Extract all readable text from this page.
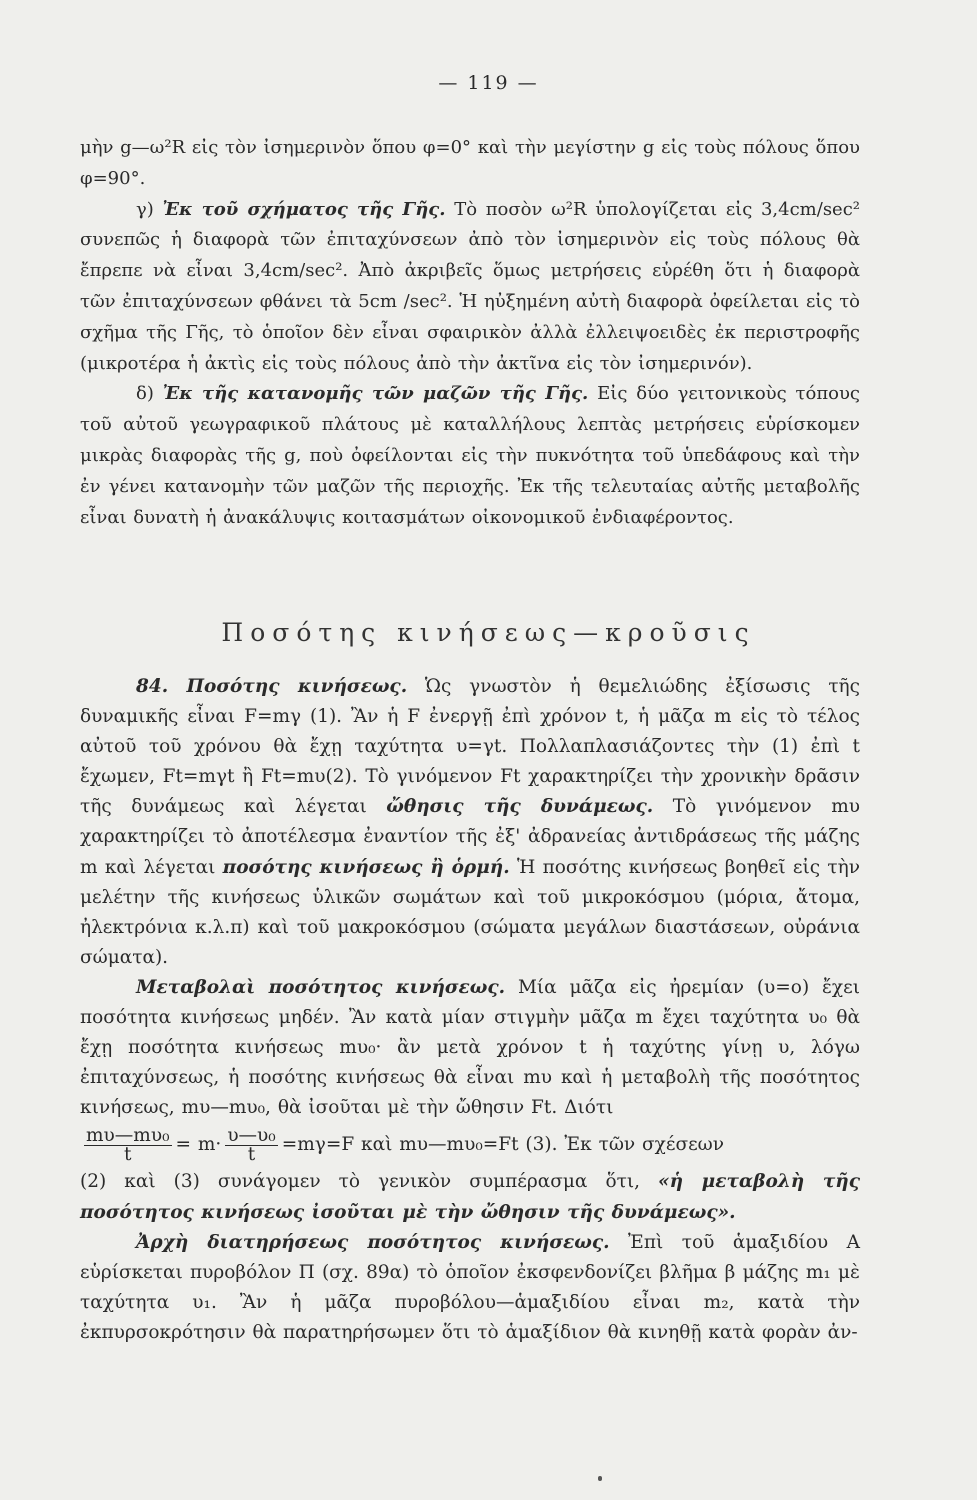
— 119 —

μὴν g—ω²R εἰς τὸν ἰσημερινὸν ὅπου φ=0° καὶ τὴν μεγίστην g εἰς τοὺς πόλους ὅπου φ=90°.

γ) Ἐκ τοῦ σχήματος τῆς Γῆς. Τὸ ποσὸν ω²R ὑπολογίζεται εἰς 3,4cm/sec² συνεπῶς ἡ διαφορὰ τῶν ἐπιταχύνσεων ἀπὸ τὸν ἰσημερινὸν εἰς τοὺς πόλους θὰ ἔπρεπε νὰ εἶναι 3,4cm/sec². Ἀπὸ ἀκριβεῖς ὅμως μετρήσεις εὑρέθη ὅτι ἡ διαφορὰ τῶν ἐπιταχύνσεων φθάνει τὰ 5cm /sec². Ἡ ηὐξημένη αὐτὴ διαφορὰ ὀφείλεται εἰς τὸ σχῆμα τῆς Γῆς, τὸ ὁποῖον δὲν εἶναι σφαιρικὸν ἀλλὰ ἐλλειψοειδὲς ἐκ περιστροφῆς (μικροτέρα ἡ ἀκτὶς εἰς τοὺς πόλους ἀπὸ τὴν ἀκτῖνα εἰς τὸν ἰσημερινόν).

δ) Ἐκ τῆς κατανομῆς τῶν μαζῶν τῆς Γῆς. Εἰς δύο γειτονικοὺς τόπους τοῦ αὐτοῦ γεωγραφικοῦ πλάτους μὲ καταλλήλους λεπτὰς μετρήσεις εὑρίσκομεν μικρὰς διαφορὰς τῆς g, ποὺ ὀφείλονται εἰς τὴν πυκνότητα τοῦ ὑπεδάφους καὶ τὴν ἐν γένει κατανομὴν τῶν μαζῶν τῆς περιοχῆς. Ἐκ τῆς τελευταίας αὐτῆς μεταβολῆς εἶναι δυνατὴ ἡ ἀνακάλυψις κοιτασμάτων οἰκονομικοῦ ἐνδιαφέροντος.

Ποσότης κινήσεως—κροῦσις

84. Ποσότης κινήσεως. Ὡς γνωστὸν ἡ θεμελιώδης ἐξίσωσις τῆς δυναμικῆς εἶναι F=mγ (1). Ἂν ἡ F ἐνεργῇ ἐπὶ χρόνον t, ἡ μᾶζα m εἰς τὸ τέλος αὐτοῦ τοῦ χρόνου θὰ ἔχῃ ταχύτητα υ=γt. Πολλαπλασιάζοντες τὴν (1) ἐπὶ t ἔχωμεν, Ft=mγt ἢ Ft=mυ(2). Τὸ γινόμενον Ft χαρακτηρίζει τὴν χρονικὴν δρᾶσιν τῆς δυνάμεως καὶ λέγεται ὤθησις τῆς δυνάμεως. Τὸ γινόμενον mυ χαρακτηρίζει τὸ ἀποτέλεσμα ἐναντίον τῆς ἐξ' ἀδρανείας ἀντιδράσεως τῆς μάζης m καὶ λέγεται ποσότης κινήσεως ἢ ὁρμή. Ἡ ποσότης κινήσεως βοηθεῖ εἰς τὴν μελέτην τῆς κινήσεως ὑλικῶν σωμάτων καὶ τοῦ μικροκόσμου (μόρια, ἄτομα, ἠλεκτρόνια κ.λ.π) καὶ τοῦ μακροκόσμου (σώματα μεγάλων διαστάσεων, οὐράνια σώματα).

Μεταβολαὶ ποσότητος κινήσεως. Μία μᾶζα εἰς ἠρεμίαν (υ=ο) ἔχει ποσότητα κινήσεως μηδέν. Ἂν κατὰ μίαν στιγμὴν μᾶζα m ἔχει ταχύτητα υ₀ θὰ ἔχῃ ποσότητα κινήσεως mυ₀· ἂν μετὰ χρόνον t ἡ ταχύτης γίνῃ υ, λόγω ἐπιταχύνσεως, ἡ ποσότης κινήσεως θὰ εἶναι mυ καὶ ἡ μεταβολὴ τῆς ποσότητος κινήσεως, mυ—mυ₀, θὰ ἰσοῦται μὲ τὴν ὤθησιν Ft. Διότι

$\frac{\text{mυ—mυ₀}}{t} = m\cdot \frac{\text{υ—υ₀}}{t} =m\gamma=F$ καὶ mυ—mυ₀=Ft (3). Ἐκ τῶν σχέσεων

(2) καὶ (3) συνάγομεν τὸ γενικὸν συμπέρασμα ὅτι, «ἡ μεταβολὴ τῆς ποσότητος κινήσεως ἰσοῦται μὲ τὴν ὤθησιν τῆς δυνάμεως».

Ἀρχὴ διατηρήσεως ποσότητος κινήσεως. Ἐπὶ τοῦ ἁμαξιδίου Α εὑρίσκεται πυροβόλον Π (σχ. 89α) τὸ ὁποῖον ἐκσφενδονίζει βλῆμα β μάζης m₁ μὲ ταχύτητα υ₁. Ἂν ἡ μᾶζα πυροβόλου—ἁμαξιδίου εἶναι m₂, κατὰ τὴν ἐκπυρσοκρότησιν θὰ παρατηρήσωμεν ὅτι τὸ ἁμαξίδιον θὰ κινηθῇ κατὰ φορὰν ἀν-
